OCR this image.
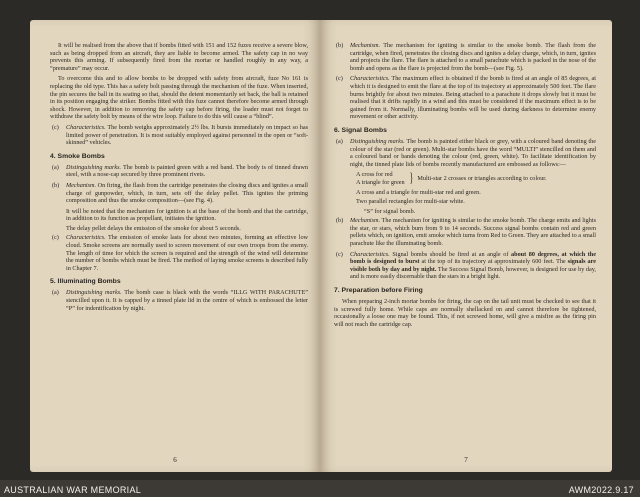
It will be realised from the above that if bombs fitted with 151 and 152 fuzes receive a severe blow, such as being dropped from an aircraft, they are liable to become armed. The safety cap in no way prevents this arming. If subsequently fired from the mortar or handled roughly in any way, a “premature” may occur.

To overcome this and to allow bombs to be dropped with safety from aircraft, fuze No 161 is replacing the old type. This has a safety bolt passing through the mechanism of the fuze. When inserted, the pin secures the ball in its seating so that, should the detent momentarily set back, the ball is retained in its position engaging the striker. Bombs fitted with this fuze cannot therefore become armed through shock. However, in addition to removing the safety cap before firing, the loader must not forget to withdraw the safety bolt by means of the wire loop. Failure to do this will cause a “blind”.

(c) Characteristics. The bomb weighs approximately 2½ lbs. It bursts immediately on impact so has limited power of penetration. It is most suitably employed against personnel in the open or “soft-skinned” vehicles.

4. Smoke Bombs

(a) Distinguishing marks. The bomb is painted green with a red band. The body is of tinned drawn steel, with a nose-cap secured by three prominent rivets.

(b) Mechanism. On firing, the flash from the cartridge penetrates the closing discs and ignites a small charge of gunpowder, which, in turn, sets off the delay pellet. This ignites the priming composition and thus the smoke composition—(see Fig. 4).

It will be noted that the mechanism for ignition is at the base of the bomb and that the cartridge, in addition to its function as propellant, initiates the ignition.

The delay pellet delays the emission of the smoke for about 5 seconds.

(c) Characteristics. The emission of smoke lasts for about two minutes, forming an effective low cloud. Smoke screens are normally used to screen movement of our own troops from the enemy. The length of time for which the screen is required and the strength of the wind will determine the number of bombs which must be fired. The method of laying smoke screens is described fully in Chapter 7.

5. Illuminating Bombs

(a) Distinguishing marks. The bomb case is black with the words “ILLG WITH PARACHUTE” stencilled upon it. It is capped by a tinned plate lid in the centre of which is embossed the letter “P” for indentification by night.

6

(b) Mechanism. The mechanism for igniting is similar to the smoke bomb. The flash from the cartridge, when fired, penetrates the closing discs and ignites a delay charge, which, in turn, ignites and projects the flare. The flare is attached to a small parachute which is packed in the nose of the bomb and opens as the flare is projected from the bomb—(see Fig. 5).

(c) Characteristics. The maximum effect is obtained if the bomb is fired at an angle of 85 degrees, at which it is designed to emit the flare at the top of its trajectory at approximately 500 feet. The flare burns brightly for about two minutes. Being attached to a parachute it drops slowly but it must be realised that it drifts rapidly in a wind and this must be considered if the maximum effect is to be gained from it. Normally, illuminating bombs will be used during darkness to determine enemy movement or other activity.

6. Signal Bombs

(a) Distinguishing marks. The bomb is painted either black or grey, with a coloured band denoting the colour of the star (red or green). Multi-star bombs have the word “MULTI” stencilled on them and a coloured band or bands denoting the colour (red, green, white). To facilitate identification by night, the tinned plate lids of bombs recently manufactured are embossed as follows:—

A cross for red
A triangle for green } Multi-star 2 crosses or triangles according to colour.

A cross and a triangle for multi-star red and green.

Two parallel rectangles for multi-star white.

“S” for signal bomb.

(b) Mechanism. The mechanism for igniting is similar to the smoke bomb. The charge emits and lights the star, or stars, which burn from 9 to 14 seconds. Success signal bombs contain red and green pellets which, on ignition, emit smoke which turns from Red to Green. They are attached to a small parachute like the illuminating bomb.

(c) Characteristics. Signal bombs should be fired at an angle of about 80 degrees, at which the bomb is designed to burst at the top of its trajectory at approximately 600 feet. The signals are visible both by day and by night. The Success Signal Bomb, however, is designed for use by day, and is more easily discernable than the stars in a bright light.

7. Preparation before Firing

When preparing 2-inch mortar bombs for firing, the cap on the tail unit must be checked to see that it is screwed fully home. While caps are normally shellacked on and cannot therefore be tightened, occasionally a loose one may be found. This, if not screwed home, will give a misfire as the firing pin will not reach the cartridge cap.

7
AUSTRALIAN WAR MEMORIAL	AWM2022.9.17
